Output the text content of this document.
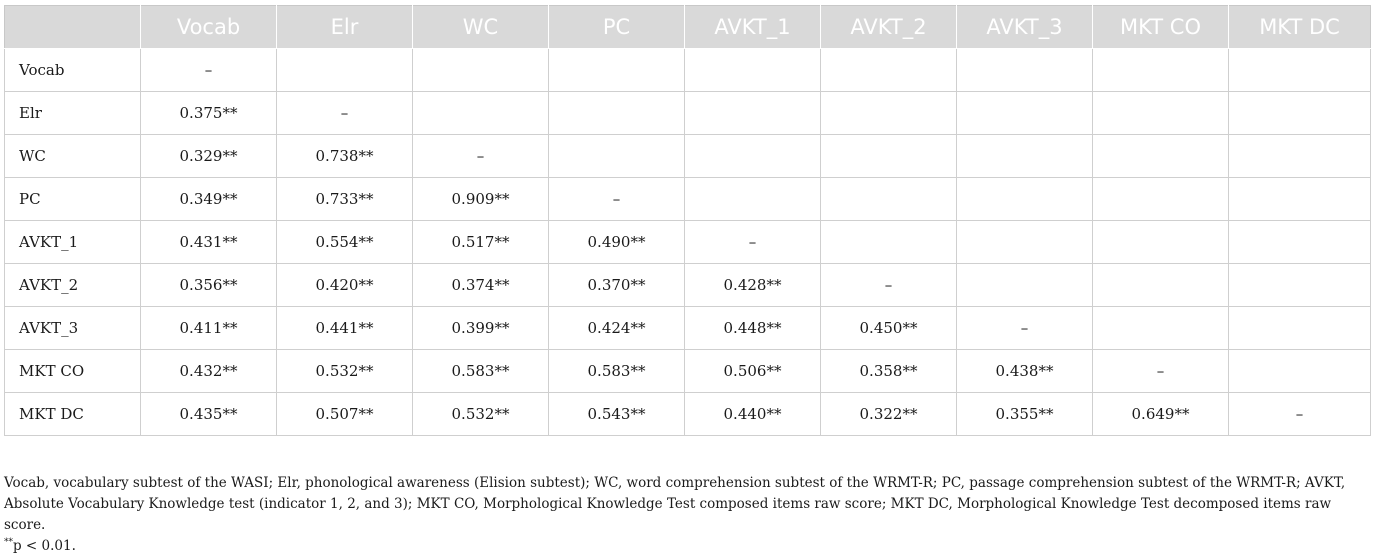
	Vocab	Elr	WC	PC	AVKT_1	AVKT_2	AVKT_3	MKT CO	MKT DC
Vocab	–								
Elr	0.375**	–							
WC	0.329**	0.738**	–						
PC	0.349**	0.733**	0.909**	–					
AVKT_1	0.431**	0.554**	0.517**	0.490**	–				
AVKT_2	0.356**	0.420**	0.374**	0.370**	0.428**	–			
AVKT_3	0.411**	0.441**	0.399**	0.424**	0.448**	0.450**	–		
MKT CO	0.432**	0.532**	0.583**	0.583**	0.506**	0.358**	0.438**	–	
MKT DC	0.435**	0.507**	0.532**	0.543**	0.440**	0.322**	0.355**	0.649**	–

Vocab, vocabulary subtest of the WASI; Elr, phonological awareness (Elision subtest); WC, word comprehension subtest of the WRMT-R; PC, passage comprehension subtest of the WRMT-R; AVKT, Absolute Vocabulary Knowledge test (indicator 1, 2, and 3); MKT CO, Morphological Knowledge Test composed items raw score; MKT DC, Morphological Knowledge Test decomposed items raw score.

**p < 0.01.
